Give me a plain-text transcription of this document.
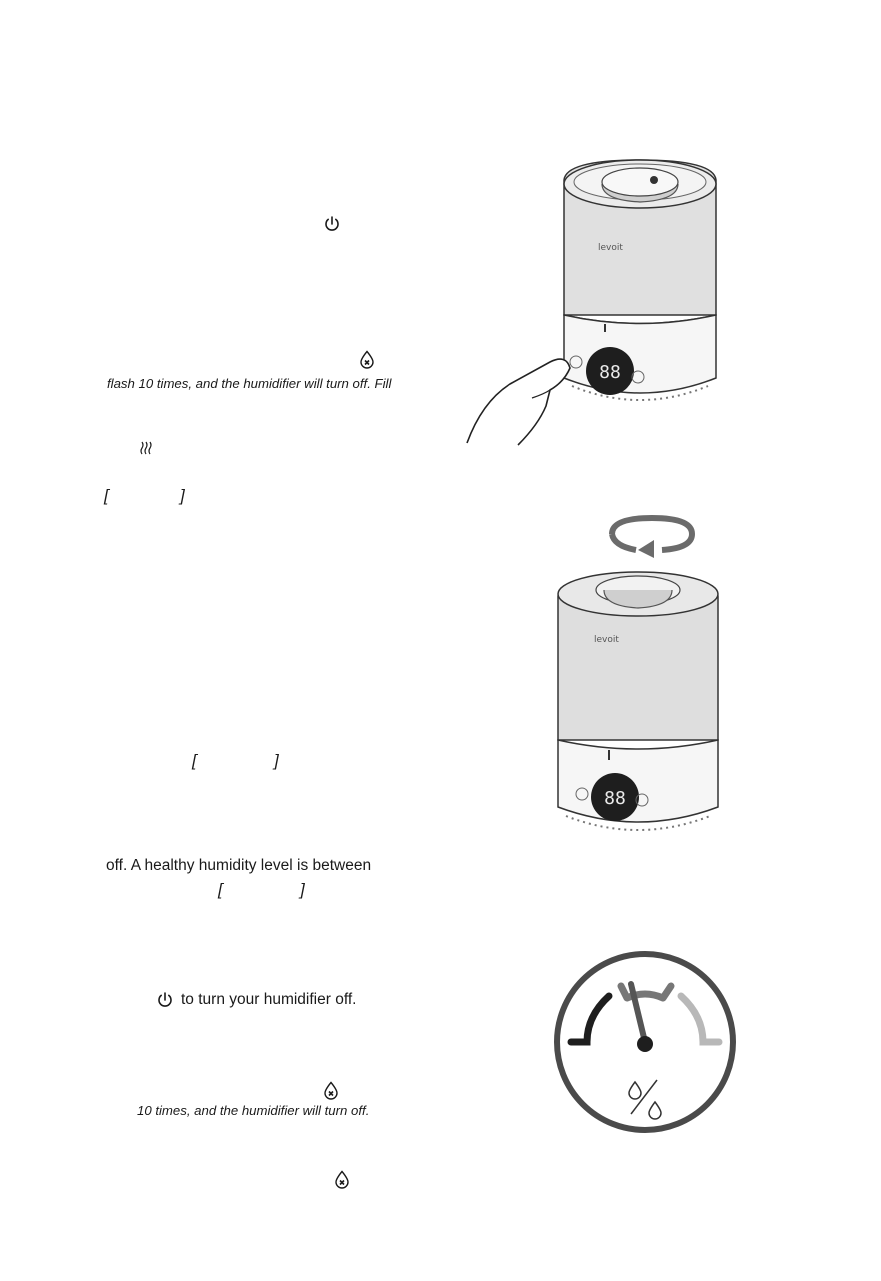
flash 10 times, and the humidifier will turn off. Fill
[	]
[	]
off. A healthy humidity level is between
[	]
to turn your humidifier off.
10 times, and the humidifier will turn off.
88
levoit
levoit
88
%
